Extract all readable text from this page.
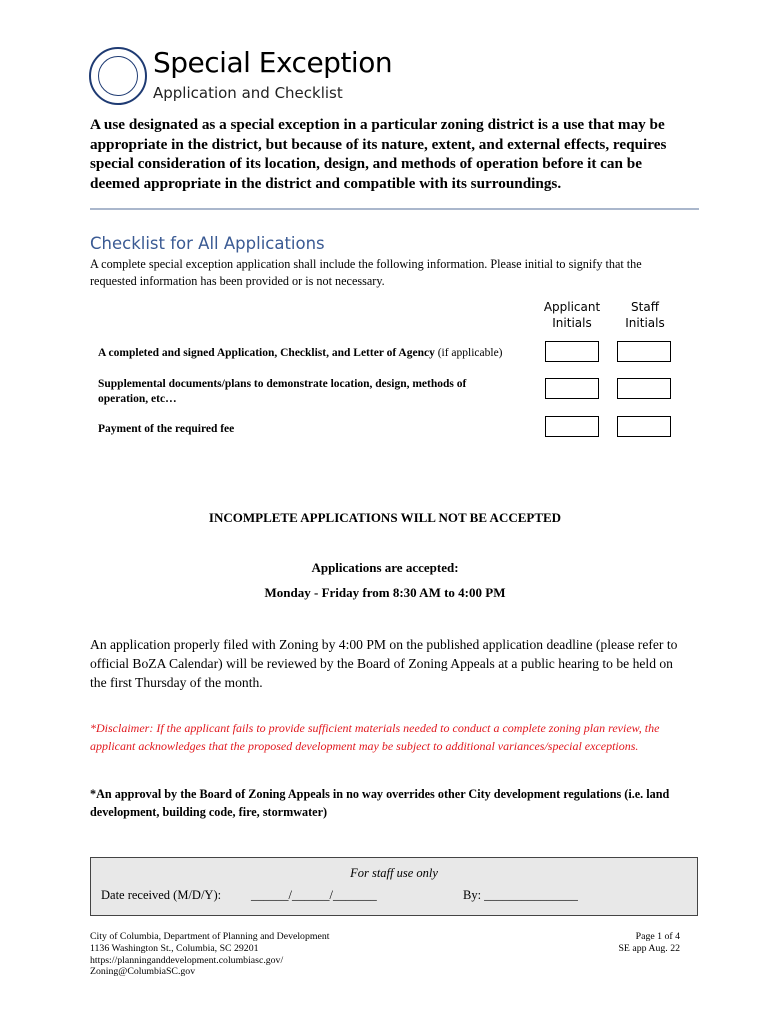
Special Exception
Application and Checklist
A use designated as a special exception in a particular zoning district is a use that may be appropriate in the district, but because of its nature, extent, and external effects, requires special consideration of its location, design, and methods of operation before it can be deemed appropriate in the district and compatible with its surroundings.
Checklist for All Applications
A complete special exception application shall include the following information. Please initial to signify that the requested information has been provided or is not necessary.
Applicant
Initials
Staff
Initials
A completed and signed Application, Checklist, and Letter of Agency (if applicable)
Supplemental documents/plans to demonstrate location, design, methods of operation, etc…
Payment of the required fee
INCOMPLETE APPLICATIONS WILL NOT BE ACCEPTED
Applications are accepted:
Monday - Friday from 8:30 AM to 4:00 PM
An application properly filed with Zoning by 4:00 PM on the published application deadline (please refer to official BoZA Calendar) will be reviewed by the Board of Zoning Appeals at a public hearing to be held on the first Thursday of the month.
*Disclaimer: If the applicant fails to provide sufficient materials needed to conduct a complete zoning plan review, the applicant acknowledges that the proposed development may be subject to additional variances/special exceptions.
*An approval by the Board of Zoning Appeals in no way overrides other City development regulations (i.e. land development, building code, fire, stormwater)
For staff use only
Date received (M/D/Y): ______/______/_______	By: _______________
City of Columbia, Department of Planning and Development
1136 Washington St., Columbia, SC 29201
https://planninganddevelopment.columbiasc.gov/
Zoning@ColumbiaSC.gov
Page 1 of 4
SE app Aug. 22
